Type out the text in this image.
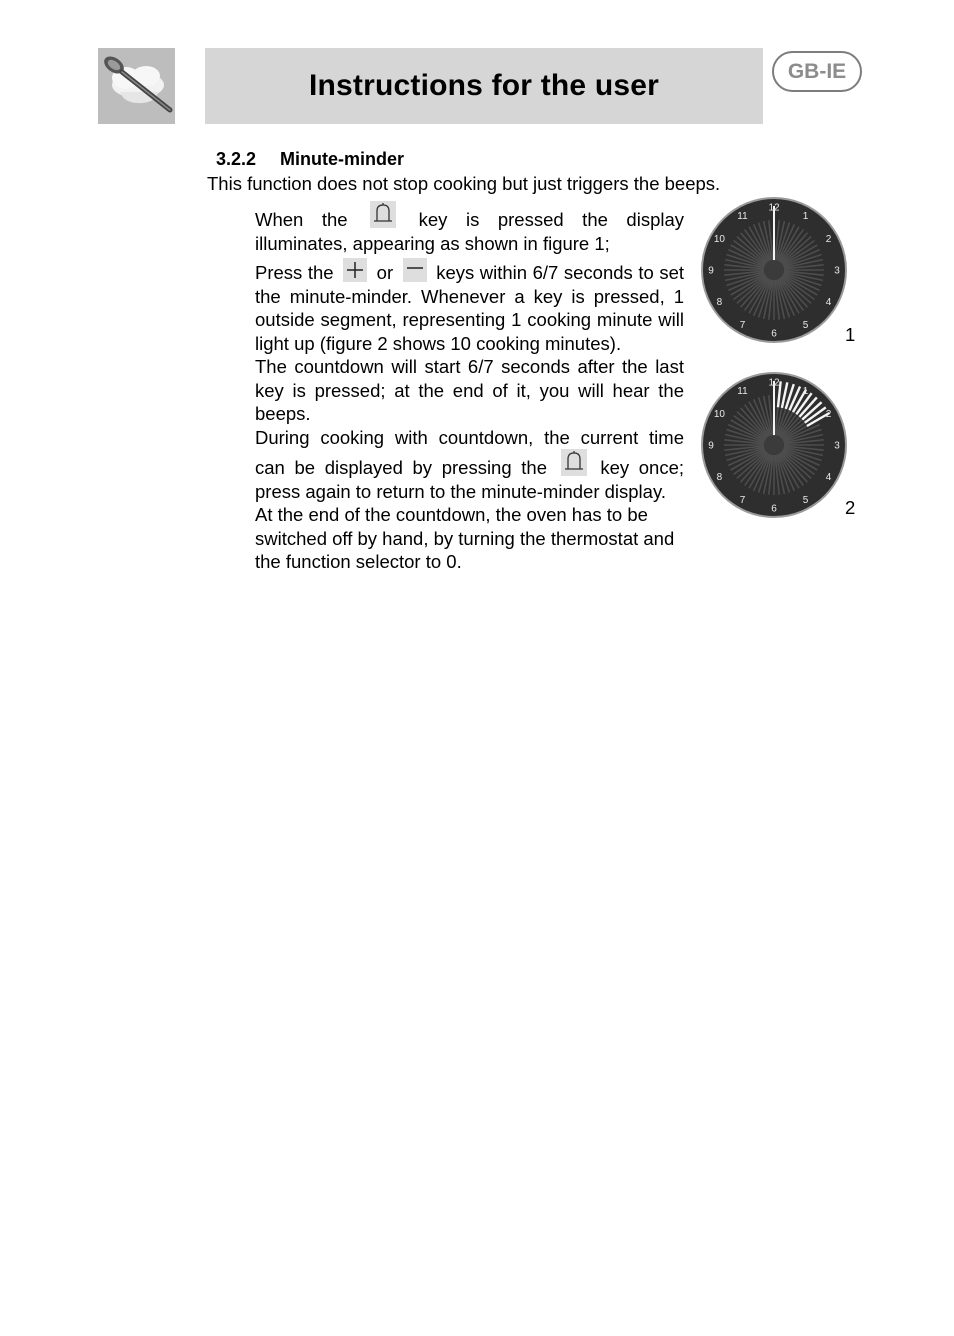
Instructions for the user	GB-IE
3.2.2 Minute-minder
This function does not stop cooking but just triggers the beeps.

When the	key is pressed the display illuminates, appearing as shown in figure 1;

Press the or keys within 6/7 seconds to set the minute-minder. Whenever a key is pressed, 1 outside segment, representing 1 cooking minute will light up (figure 2 shows 10 cooking minutes).

The countdown will start 6/7 seconds after the last key is pressed; at the end of it, you will hear the beeps.

During cooking with countdown, the current time can be displayed by pressing the	key once; press again to return to the minute-minder display.

At the end of the countdown, the oven has to be switched off by hand, by turning the thermostat and the function selector to 0.

12
1
2
3
4
5
6
7
8
9
10
11
1
12
1
2
3
4
5
6
7
8
9
10
11
2
